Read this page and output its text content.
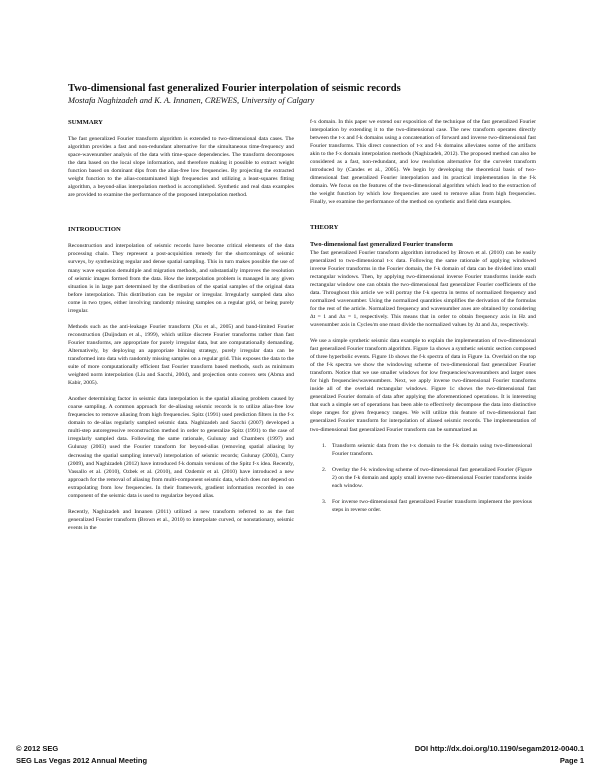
Two-dimensional fast generalized Fourier interpolation of seismic records
Mostafa Naghizadeh and K. A. Innanen, CREWES, University of Calgary
SUMMARY

The fast generalized Fourier transform algorithm is extended to two-dimensional data cases. The algorithm provides a fast and non-redundant alternative for the simultaneous time-frequency and space-wavenumber analysis of the data with time-space dependencies. The transform decomposes the data based on the local slope information, and therefore making it possible to extract weight function based on dominant dips from the alias-free low frequencies. By projecting the extracted weight function to the alias-contaminated high frequencies and utilizing a least-squares fitting algorithm, a beyond-alias interpolation method is accomplished. Synthetic and real data examples are provided to examine the performance of the proposed interpolation method.

INTRODUCTION

Reconstruction and interpolation of seismic records have become critical elements of the data processing chain. They represent a post-acquisition remedy for the shortcomings of seismic surveys, by synthesizing regular and dense spatial sampling. This in turn makes possible the use of many wave equation demultiple and migration methods, and substantially improves the resolution of seismic images formed from the data. How the interpolation problem is managed in any given situation is in large part determined by the distribution of the spatial samples of the original data before interpolation. This distribution can be regular or irregular. Irregularly sampled data also come in two types, either involving randomly missing samples on a regular grid, or being purely irregular.

Methods such as the anti-leakage Fourier transform (Xu et al., 2005) and band-limited Fourier reconstruction (Duijndam et al., 1999), which utilize discrete Fourier transforms rather than fast Fourier transforms, are appropriate for purely irregular data, but are computationally demanding. Alternatively, by deploying an appropriate binning strategy, purely irregular data can be transformed into data with randomly missing samples on a regular grid. This exposes the data to the suite of more computationally efficient fast Fourier transform based methods, such as minimum weighted norm interpolation (Liu and Sacchi, 2004), and projection onto convex sets (Abma and Kabir, 2005).

Another determining factor in seismic data interpolation is the spatial aliasing problem caused by coarse sampling. A common approach for de-aliasing seismic records is to utilize alias-free low frequencies to remove aliasing from high frequencies. Spitz (1991) used prediction filters in the f-x domain to de-alias regularly sampled seismic data. Naghizadeh and Sacchi (2007) developed a multi-step autoregressive reconstruction method in order to generalize Spitz (1991) to the case of irregularly sampled data. Following the same rationale, Gulunay and Chambers (1997) and Gulunay (2003) used the Fourier transform for beyond-alias (removing spatial aliasing by decreasing the spatial sampling interval) interpolation of seismic records; Gulunay (2003), Curry (2009), and Naghizadeh (2012) have introduced f-k domain versions of the Spitz f-x idea. Recently, Vassallo et al. (2010), Ozbek et al. (2010), and Ozdemir et al. (2010) have introduced a new approach for the removal of aliasing from multi-component seismic data, which does not depend on extrapolating from low frequencies. In their framework, gradient information recorded in one component of the seismic data is used to regularize beyond alias.

Recently, Naghizadeh and Innanen (2011) utilized a new transform referred to as the fast generalized Fourier transform (Brown et al., 2010) to interpolate curved, or nonstationary, seismic events in the

f-x domain. In this paper we extend our exposition of the technique of the fast generalized Fourier interpolation by extending it to the two-dimensional case. The new transform operates directly between the t-x and f-k domains using a concatenation of forward and inverse two-dimensional fast Fourier transforms. This direct connection of t-x and f-k domains alleviates some of the artifacts akin to the f-x domain interpolation methods (Naghizadeh, 2012). The proposed method can also be considered as a fast, non-redundant, and low resolution alternative for the curvelet transform introduced by (Candes et al., 2005). We begin by developing the theoretical basis of two-dimensional fast generalized Fourier interpolation and its practical implementation in the f-k domain. We focus on the features of the two-dimensional algorithm which lead to the extraction of the weight function by which low frequencies are used to remove alias from high frequencies. Finally, we examine the performance of the method on synthetic and field data examples.

THEORY
Two-dimensional fast generalized Fourier transform

The fast generalized Fourier transform algorithm introduced by Brown et al. (2010) can be easily generalized to two-dimensional t-x data. Following the same rationale of applying windowed inverse Fourier transforms in the Fourier domain, the f-k domain of data can be divided into small rectangular windows. Then, by applying two-dimensional inverse Fourier transforms inside each rectangular window one can obtain the two-dimensional fast generalizer Fourier coefficients of the data. Throughout this article we will portray the f-k spectra in terms of normalized frequency and normalized wavenumber. Using the normalized quantities simplifies the derivation of the formulas for the rest of the article. Normalized frequency and wavenumber axes are obtained by considering Δt = 1 and Δx = 1, respectively. This means that in order to obtain frequency axis in Hz and wavenumber axis in Cycles/m one must divide the normalized values by Δt and Δx, respectively.

We use a simple synthetic seismic data example to explain the implementation of two-dimensional fast generalized Fourier transform algorithm. Figure 1a shows a synthetic seismic section composed of three hyperbolic events. Figure 1b shows the f-k spectra of data in Figure 1a. Overlaid on the top of the f-k spectra we show the windowing scheme of two-dimensional fast generalizer Fourier transform. Notice that we use smaller windows for low frequencies/wavenumbers and larger ones for high frequencies/wavenumbers. Next, we apply inverse two-dimensional Fourier transforms inside all of the overlaid rectangular windows. Figure 1c shows the two-dimensional fast generalized Fourier domain of data after applying the aforementioned operations. It is interesting that such a simple set of operations has been able to effectively decompose the data into distinctive slope ranges for given frequency ranges. We will utilize this feature of two-dimensional fast generalized Fourier transform for interpolation of aliased seismic records. The implementation of two-dimensional fast generalized Fourier transform can be summarized as

1. Transform seismic data from the t-x domain to the f-k domain using two-dimensional Fourier transform.
2. Overlay the f-k windowing scheme of two-dimensional fast generalized Fourier (Figure 2) on the f-k domain and apply small inverse two-dimensional Fourier transforms inside each window.
3. For inverse two-dimensional fast generalized Fourier transform implement the previous steps in reverse order.
© 2012 SEG
SEG Las Vegas 2012 Annual Meeting
DOI http://dx.doi.org/10.1190/segam2012-0040.1
Page 1
